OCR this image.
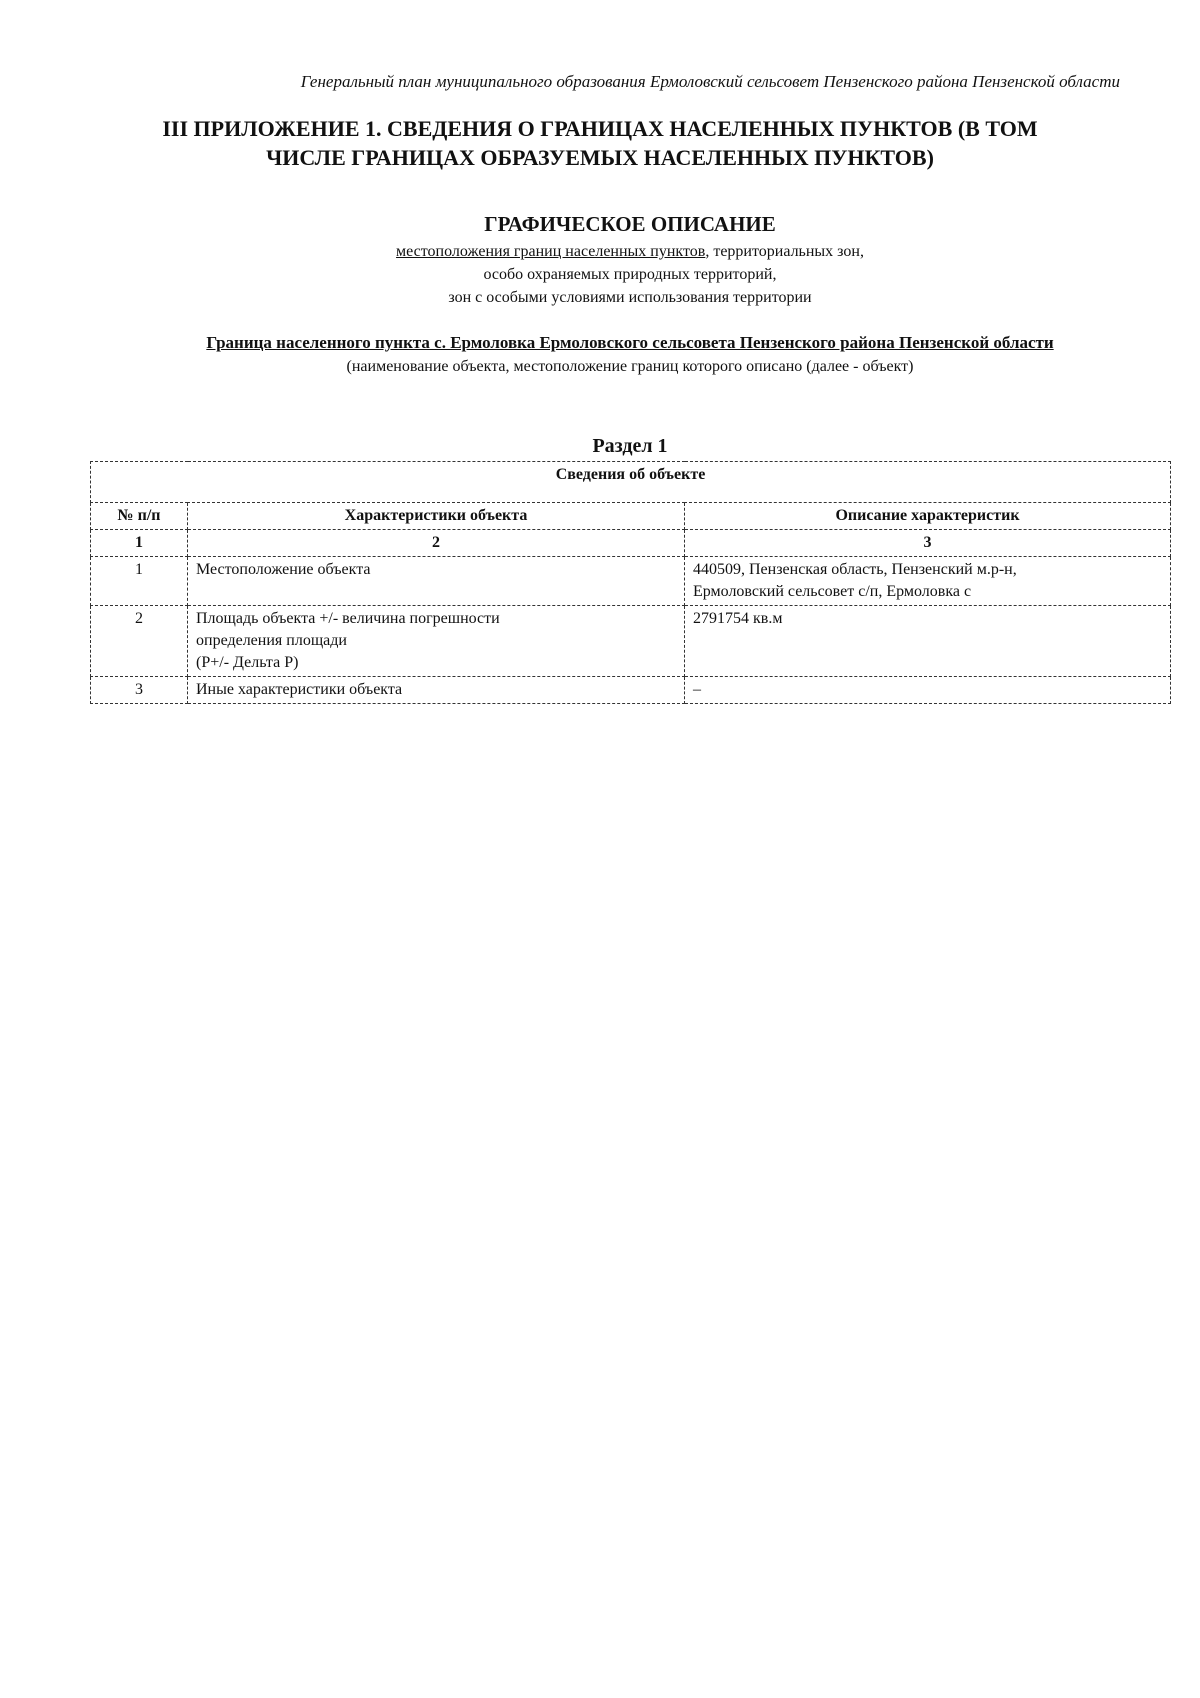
Генеральный план муниципального образования Ермоловский сельсовет Пензенского района Пензенской области
III ПРИЛОЖЕНИЕ 1. СВЕДЕНИЯ О ГРАНИЦАХ НАСЕЛЕННЫХ ПУНКТОВ (В ТОМ
ЧИСЛЕ ГРАНИЦАХ ОБРАЗУЕМЫХ НАСЕЛЕННЫХ ПУНКТОВ)
ГРАФИЧЕСКОЕ ОПИСАНИЕ
местоположения границ населенных пунктов, территориальных зон,
особо охраняемых природных территорий,
зон с особыми условиями использования территории
Граница населенного пункта с. Ермоловка Ермоловского сельсовета Пензенского района Пензенской области
(наименование объекта, местоположение границ которого описано (далее - объект)
Раздел 1
Сведения об объекте		
№ п/п	Характеристики объекта	Описание характеристик
1	2	3
1	Местоположение объекта	440509, Пензенская область, Пензенский м.р-н,
Ермоловский сельсовет с/п, Ермоловка с

2	Площадь объекта +/- величина погрешности
определения площади
(P+/- Дельта P)	2791754 кв.м

3	Иные характеристики объекта	–
